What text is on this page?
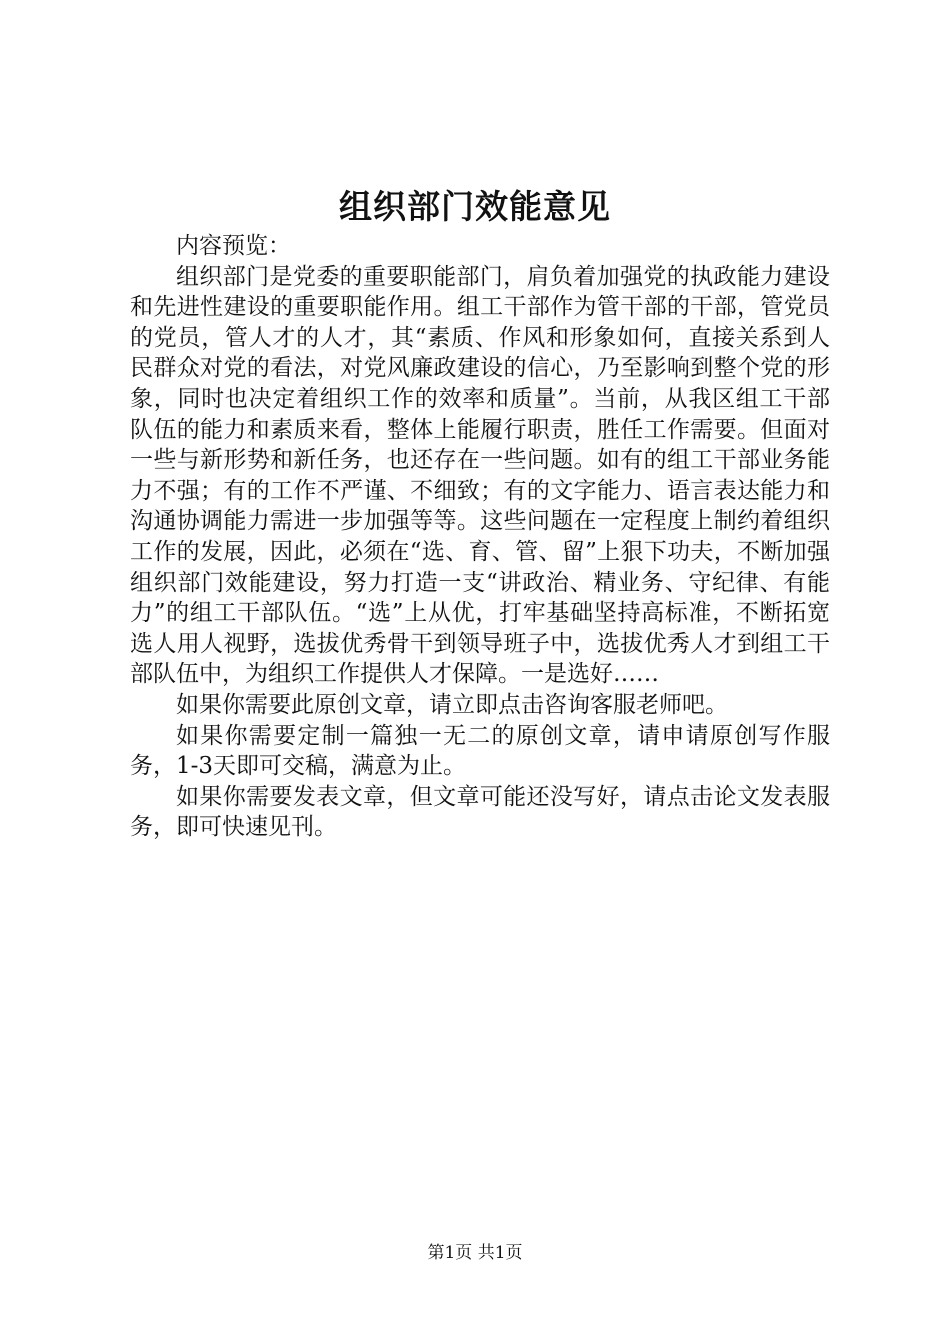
组织部门效能意见

内容预览：

组织部门是党委的重要职能部门，肩负着加强党的执政能力建设和先进性建设的重要职能作用。组工干部作为管干部的干部，管党员的党员，管人才的人才，其“素质、作风和形象如何，直接关系到人民群众对党的看法，对党风廉政建设的信心，乃至影响到整个党的形象，同时也决定着组织工作的效率和质量”。当前，从我区组工干部队伍的能力和素质来看，整体上能履行职责，胜任工作需要。但面对一些与新形势和新任务，也还存在一些问题。如有的组工干部业务能力不强；有的工作不严谨、不细致；有的文字能力、语言表达能力和沟通协调能力需进一步加强等等。这些问题在一定程度上制约着组织工作的发展，因此，必须在“选、育、管、留”上狠下功夫，不断加强组织部门效能建设，努力打造一支“讲政治、精业务、守纪律、有能力”的组工干部队伍。“选”上从优，打牢基础坚持高标准，不断拓宽选人用人视野，选拔优秀骨干到领导班子中，选拔优秀人才到组工干部队伍中，为组织工作提供人才保障。一是选好……

如果你需要此原创文章，请立即点击咨询客服老师吧。

如果你需要定制一篇独一无二的原创文章，请申请原创写作服务，1-3天即可交稿，满意为止。

如果你需要发表文章，但文章可能还没写好，请点击论文发表服务，即可快速见刊。

第1页 共1页
